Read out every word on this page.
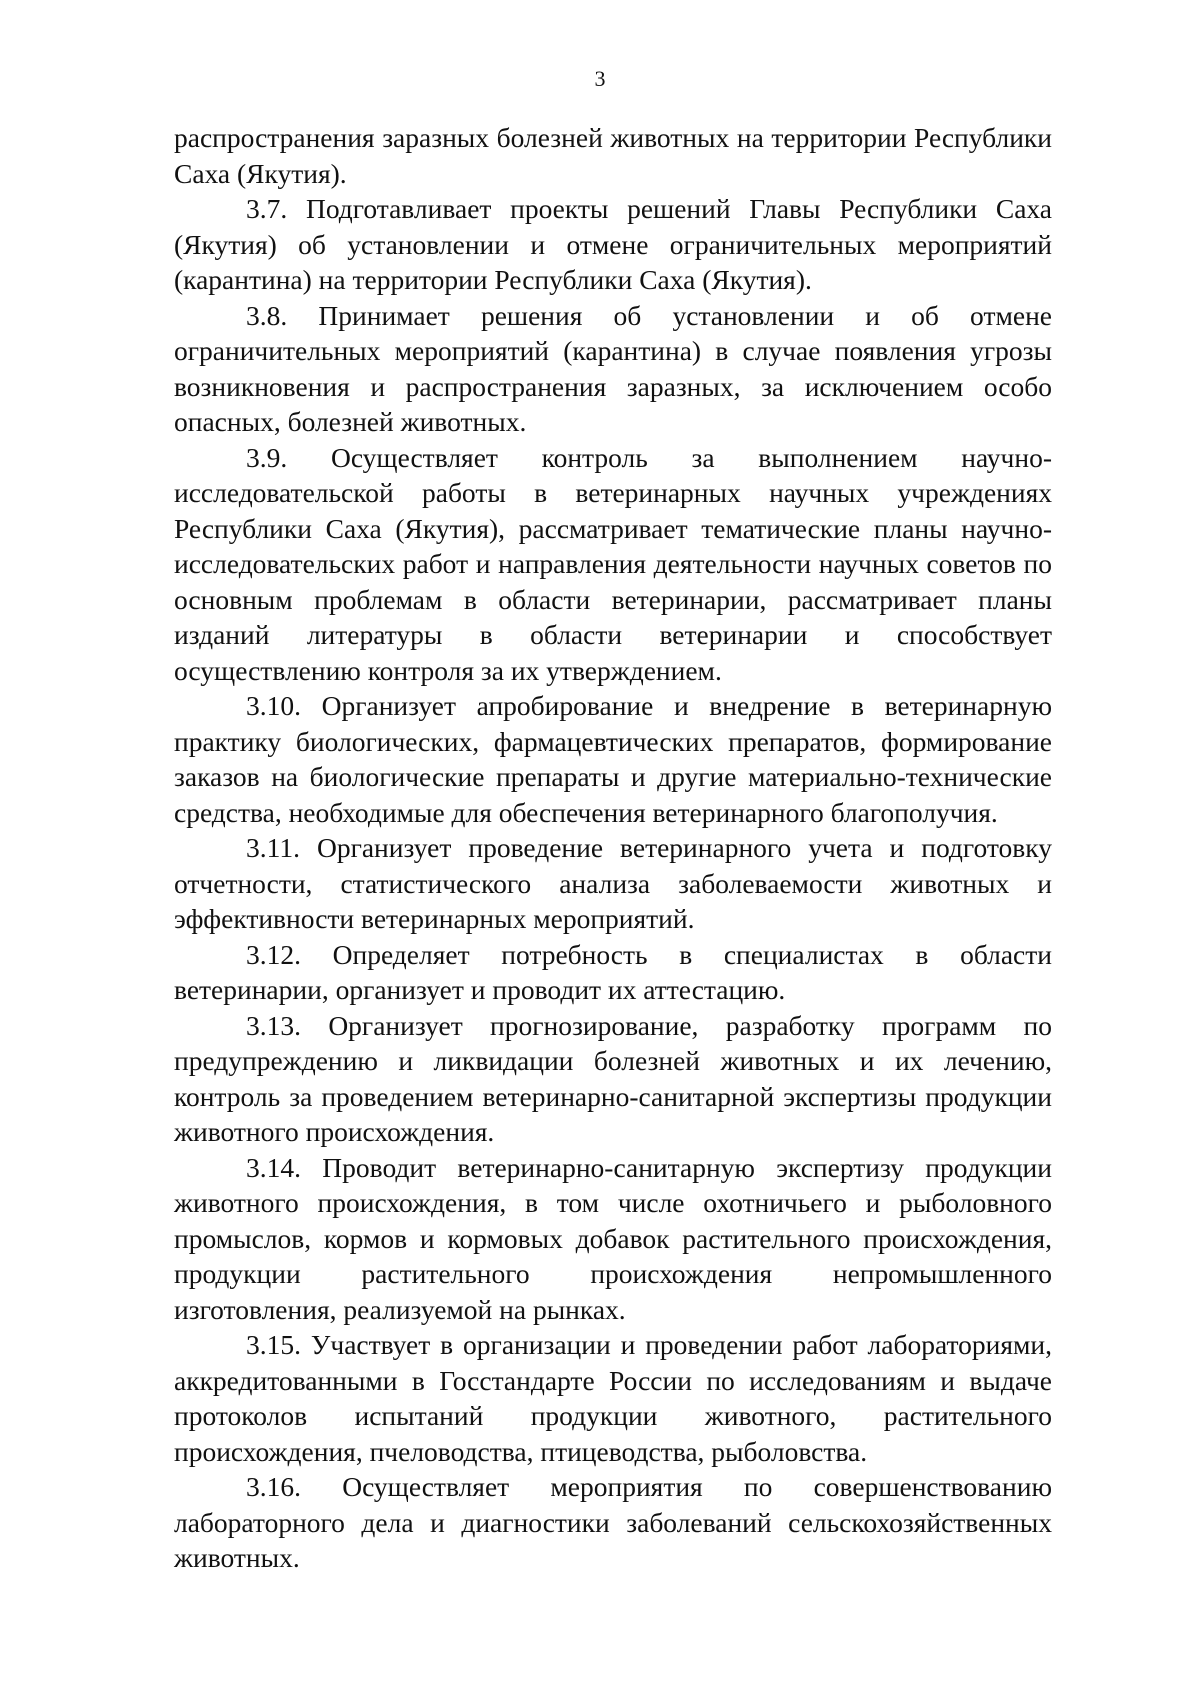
3

распространения заразных болезней животных на территории Республики Саха (Якутия).

3.7. Подготавливает проекты решений Главы Республики Саха (Якутия) об установлении и отмене ограничительных мероприятий (карантина) на территории Республики Саха (Якутия).

3.8. Принимает решения об установлении и об отмене ограничительных мероприятий (карантина) в случае появления угрозы возникновения и распространения заразных, за исключением особо опасных, болезней животных.

3.9. Осуществляет контроль за выполнением научно-исследовательской работы в ветеринарных научных учреждениях Республики Саха (Якутия), рассматривает тематические планы научно-исследовательских работ и направления деятельности научных советов по основным проблемам в области ветеринарии, рассматривает планы изданий литературы в области ветеринарии и способствует осуществлению контроля за их утверждением.

3.10. Организует апробирование и внедрение в ветеринарную практику биологических, фармацевтических препаратов, формирование заказов на биологические препараты и другие материально-технические средства, необходимые для обеспечения ветеринарного благополучия.

3.11. Организует проведение ветеринарного учета и подготовку отчетности, статистического анализа заболеваемости животных и эффективности ветеринарных мероприятий.

3.12. Определяет потребность в специалистах в области ветеринарии, организует и проводит их аттестацию.

3.13. Организует прогнозирование, разработку программ по предупреждению и ликвидации болезней животных и их лечению, контроль за проведением ветеринарно-санитарной экспертизы продукции животного происхождения.

3.14. Проводит ветеринарно-санитарную экспертизу продукции животного происхождения, в том числе охотничьего и рыболовного промыслов, кормов и кормовых добавок растительного происхождения, продукции растительного происхождения непромышленного изготовления, реализуемой на рынках.

3.15. Участвует в организации и проведении работ лабораториями, аккредитованными в Госстандарте России по исследованиям и выдаче протоколов испытаний продукции животного, растительного происхождения, пчеловодства, птицеводства, рыболовства.

3.16. Осуществляет мероприятия по совершенствованию лабораторного дела и диагностики заболеваний сельскохозяйственных животных.
